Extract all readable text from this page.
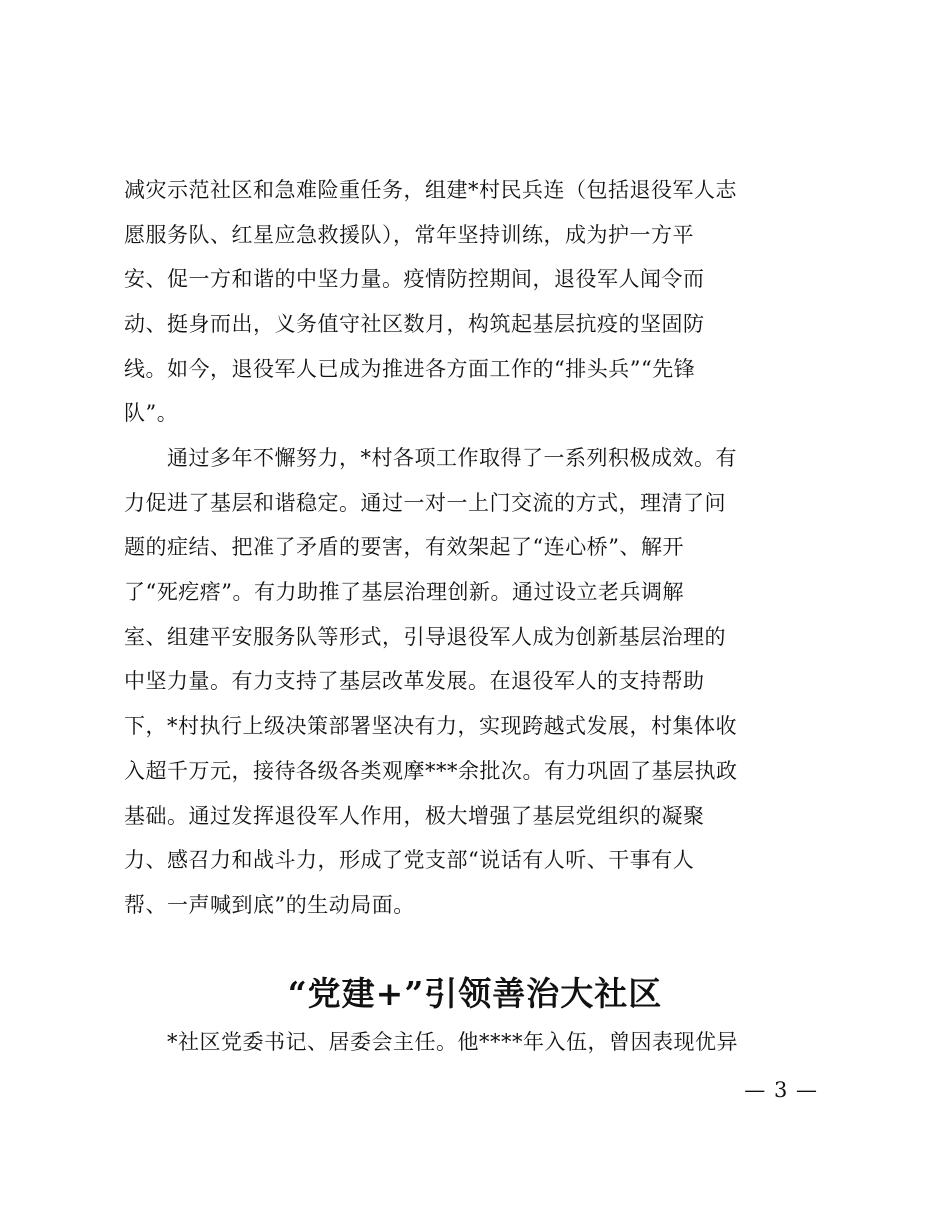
减灾示范社区和急难险重任务，组建*村民兵连（包括退役军人志
愿服务队、红星应急救援队），常年坚持训练，成为护一方平
安、促一方和谐的中坚力量。疫情防控期间，退役军人闻令而
动、挺身而出，义务值守社区数月，构筑起基层抗疫的坚固防
线。如今，退役军人已成为推进各方面工作的“排头兵”“先锋
队”。
　　通过多年不懈努力，*村各项工作取得了一系列积极成效。有
力促进了基层和谐稳定。通过一对一上门交流的方式，理清了问
题的症结、把准了矛盾的要害，有效架起了“连心桥”、解开
了“死疙瘩”。有力助推了基层治理创新。通过设立老兵调解
室、组建平安服务队等形式，引导退役军人成为创新基层治理的
中坚力量。有力支持了基层改革发展。在退役军人的支持帮助
下，*村执行上级决策部署坚决有力，实现跨越式发展，村集体收
入超千万元，接待各级各类观摩***余批次。有力巩固了基层执政
基础。通过发挥退役军人作用，极大增强了基层党组织的凝聚
力、感召力和战斗力，形成了党支部“说话有人听、干事有人
帮、一声喊到底”的生动局面。
“党建+”引领善治大社区
　　*社区党委书记、居委会主任。他****年入伍，曾因表现优异
— 3 —
